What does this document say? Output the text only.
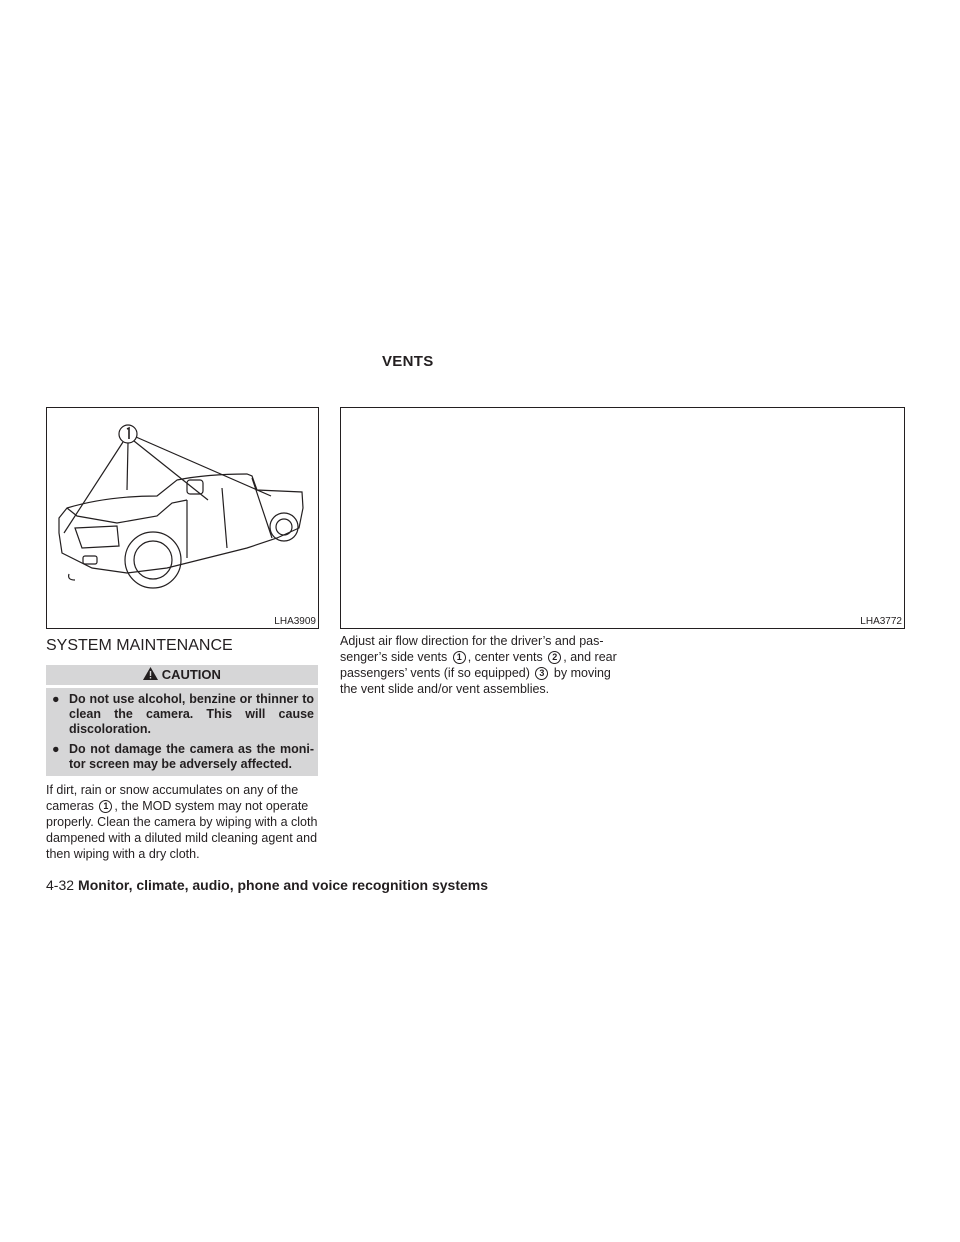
VENTS
LHA3909	LHA3772
SYSTEM MAINTENANCE
CAUTION
● Do not use alcohol, benzine or thinner to clean the camera. This will cause discoloration.
● Do not damage the camera as the moni-tor screen may be adversely affected.
If dirt, rain or snow accumulates on any of the
cameras 1 , the MOD system may not operate
properly. Clean the camera by wiping with a cloth
dampened with a diluted mild cleaning agent and
then wiping with a dry cloth.
Adjust air flow direction for the driver’s and pas-
senger’s side vents 1 , center vents 2 , and rear
passengers’ vents (if so equipped) 3 by moving
the vent slide and/or vent assemblies.
4-32 Monitor, climate, audio, phone and voice recognition systems
